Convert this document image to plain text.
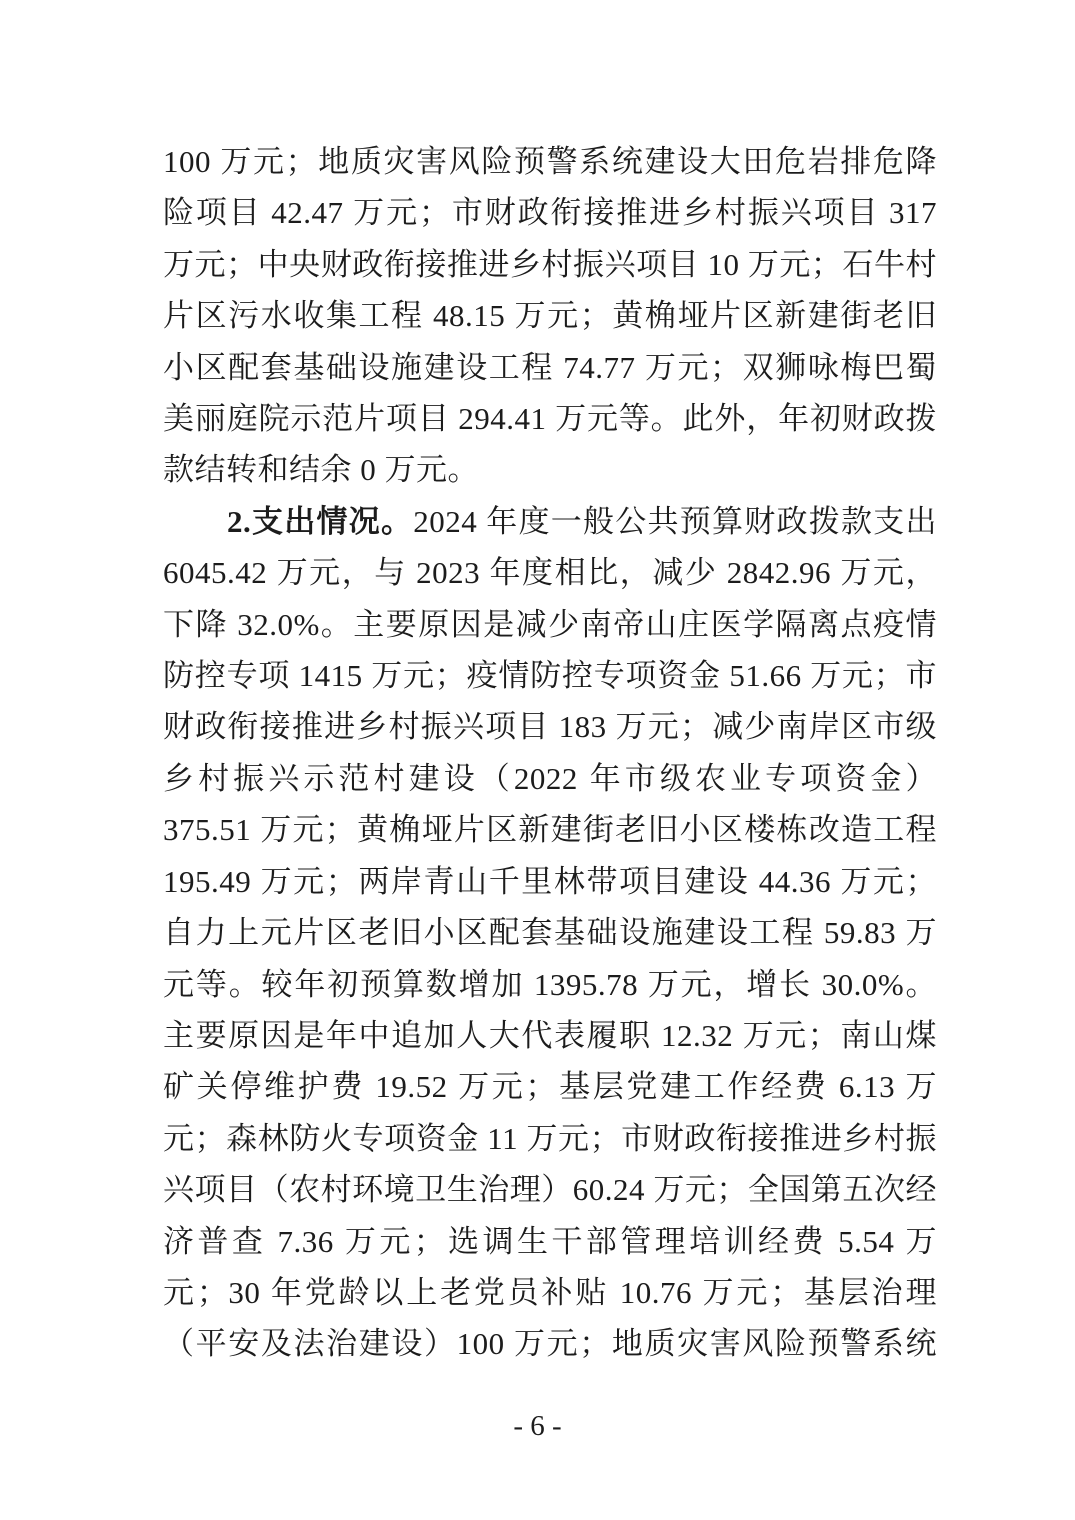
100 万元；地质灾害风险预警系统建设大田危岩排危降险项目 42.47 万元；市财政衔接推进乡村振兴项目 317 万元；中央财政衔接推进乡村振兴项目 10 万元；石牛村片区污水收集工程 48.15 万元；黄桷垭片区新建街老旧小区配套基础设施建设工程 74.77 万元；双狮咏梅巴蜀美丽庭院示范片项目 294.41 万元等。此外，年初财政拨款结转和结余 0 万元。

2.支出情况。2024 年度一般公共预算财政拨款支出 6045.42 万元，与 2023 年度相比，减少 2842.96 万元，下降 32.0%。主要原因是减少南帝山庄医学隔离点疫情防控专项 1415 万元；疫情防控专项资金 51.66 万元；市财政衔接推进乡村振兴项目 183 万元；减少南岸区市级乡村振兴示范村建设（2022 年市级农业专项资金）375.51 万元；黄桷垭片区新建街老旧小区楼栋改造工程 195.49 万元；两岸青山千里林带项目建设 44.36 万元；自力上元片区老旧小区配套基础设施建设工程 59.83 万元等。较年初预算数增加 1395.78 万元，增长 30.0%。主要原因是年中追加人大代表履职 12.32 万元；南山煤矿关停维护费 19.52 万元；基层党建工作经费 6.13 万元；森林防火专项资金 11 万元；市财政衔接推进乡村振兴项目（农村环境卫生治理）60.24 万元；全国第五次经济普查 7.36 万元；选调生干部管理培训经费 5.54 万元；30 年党龄以上老党员补贴 10.76 万元；基层治理（平安及法治建设）100 万元；地质灾害风险预警系统

- 6 -
